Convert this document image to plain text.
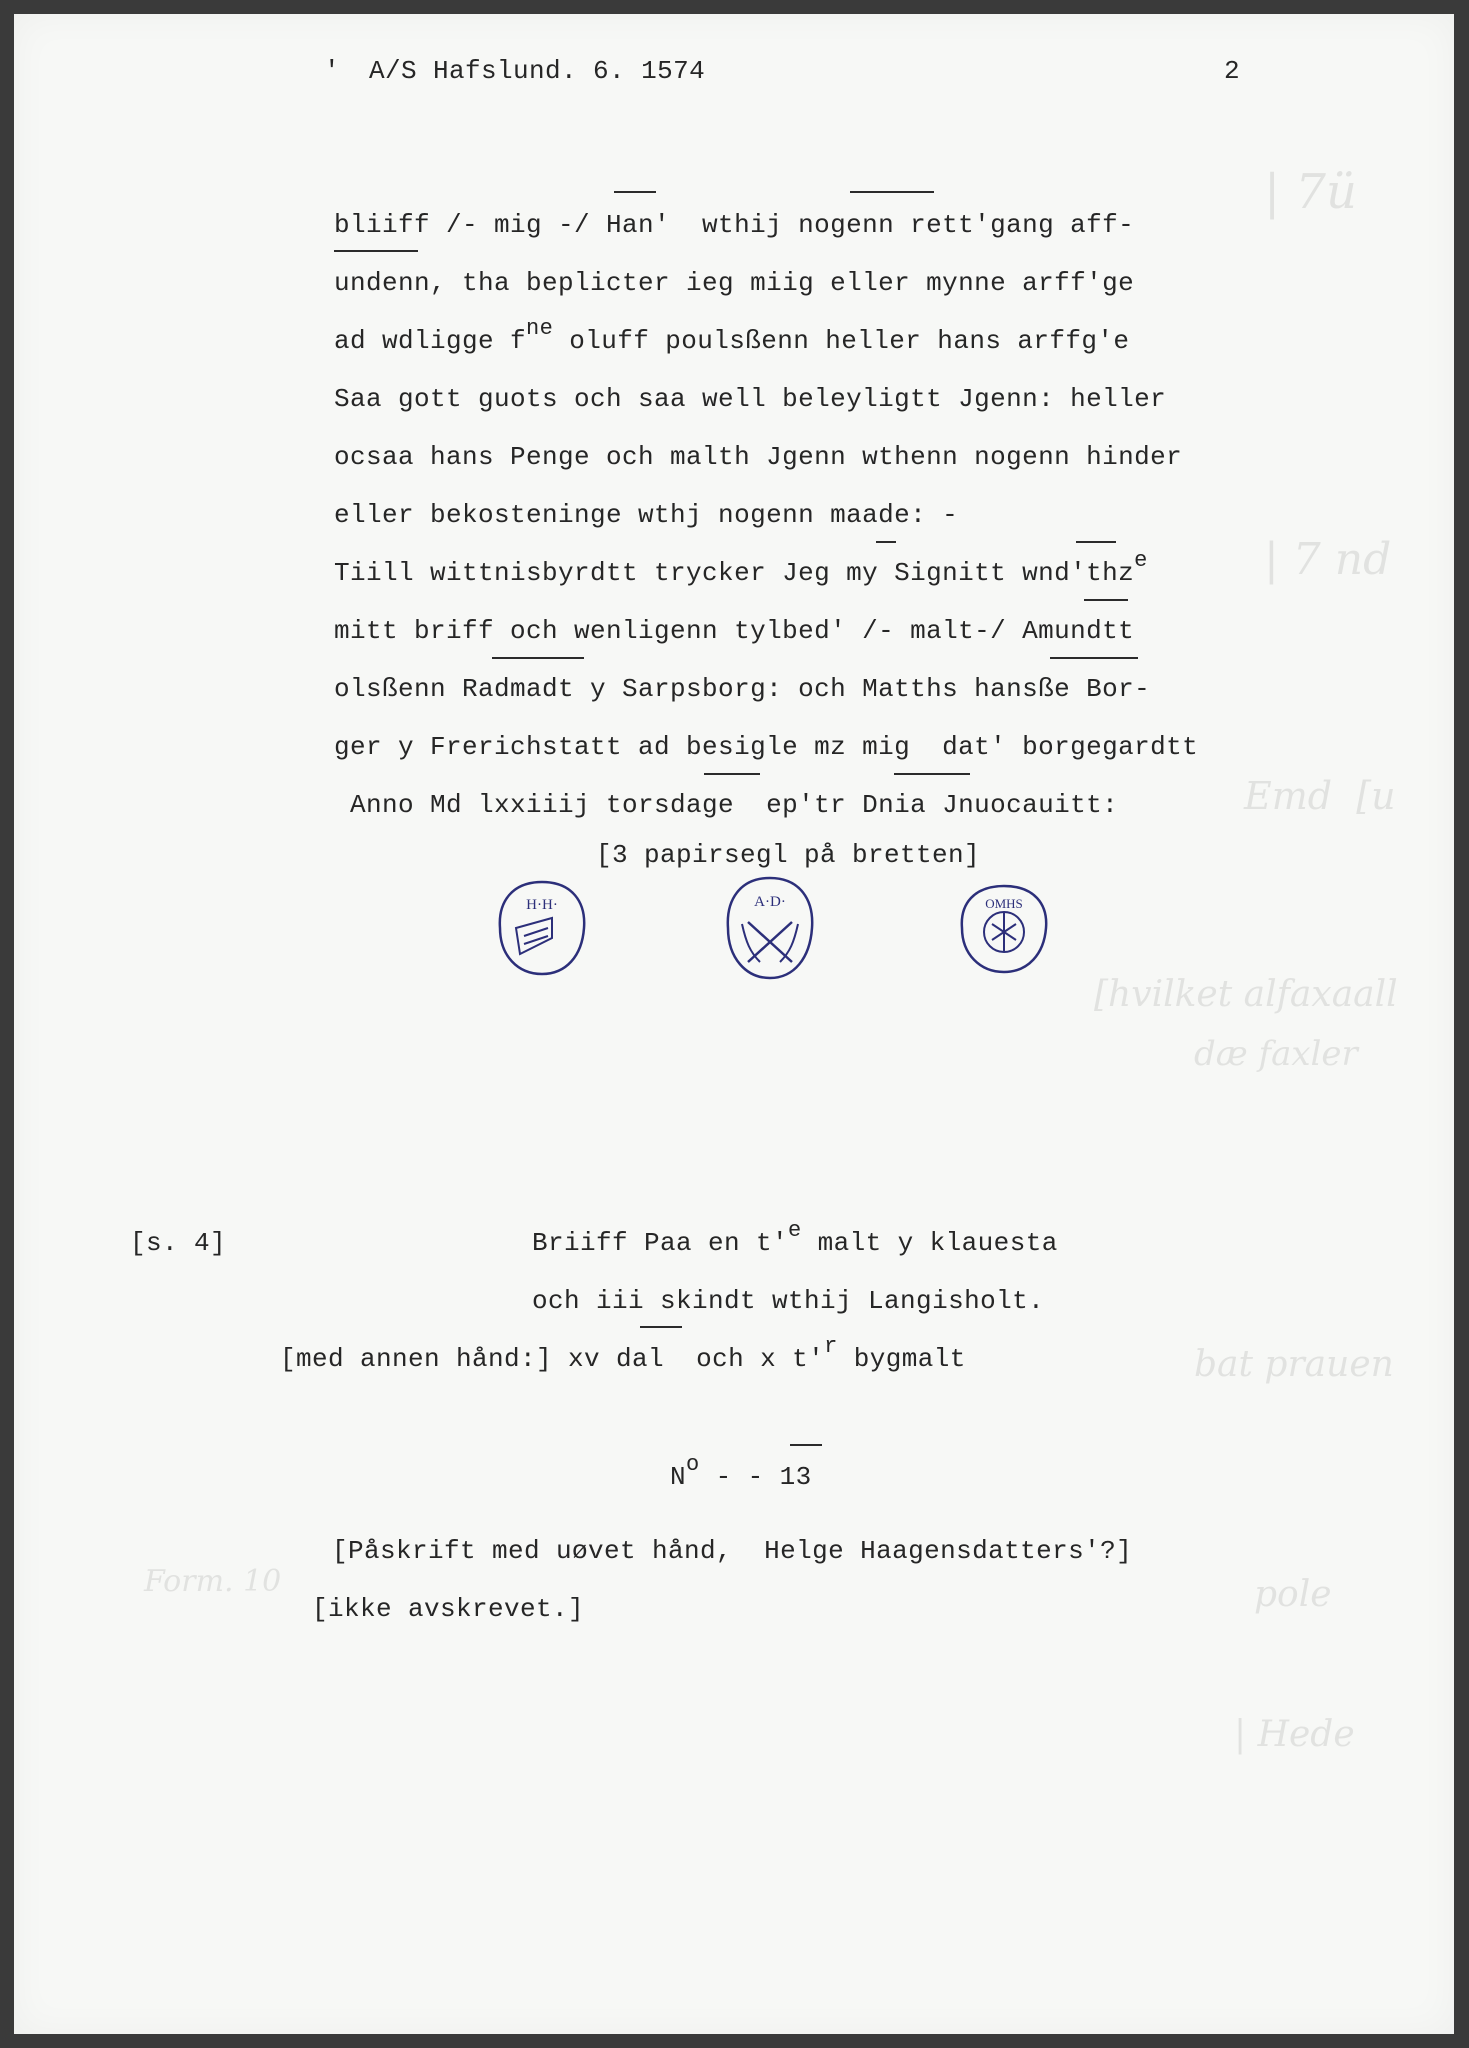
| 7ü
| 7 nd
Emd  [u
[hvilket alfaxaall
dæ faxler
bat prauen
pole
| Hede
Form. 10
' A/S Hafslund. 6. 1574	2
bliiff /- mig -/ Han'  wthij nogenn rett'gang aff-
undenn, tha beplicter ieg miig eller mynne arff'ge
ad wdligge $f^{ne}$ oluff poulsßenn heller hans arffg'e
Saa gott guots och saa well beleyligtt Jgenn: heller
ocsaa hans Penge och malth Jgenn wthenn nogenn hinder
eller bekosteninge wthj nogenn maade: -
Tiill wittnisbyrdtt trycker Jeg my Signitt wnd'thz$^e$
mitt briff och wenligenn tylbed' /- malt-/ Amundtt
olsßenn Radmadt y Sarpsborg: och Matths hansße Bor-
ger y Frerichstatt ad besigle mz mig  dat' borgegardtt
Anno Md lxxiiij torsdage  ep'tr Dnia Jnuocauitt:
[3 papirsegl på bretten]
H·H·	A·D·	OMHS
[s. 4]	Briiff Paa en $t'^e$ malt y klauesta
och iii skindt wthij Langisholt.
[med annen hånd:] xv dal  och x $t'^r$ bygmalt
$N^o$ - - 13
[Påskrift med uøvet hånd,  Helge Haagensdatters'?]
[ikke avskrevet.]
